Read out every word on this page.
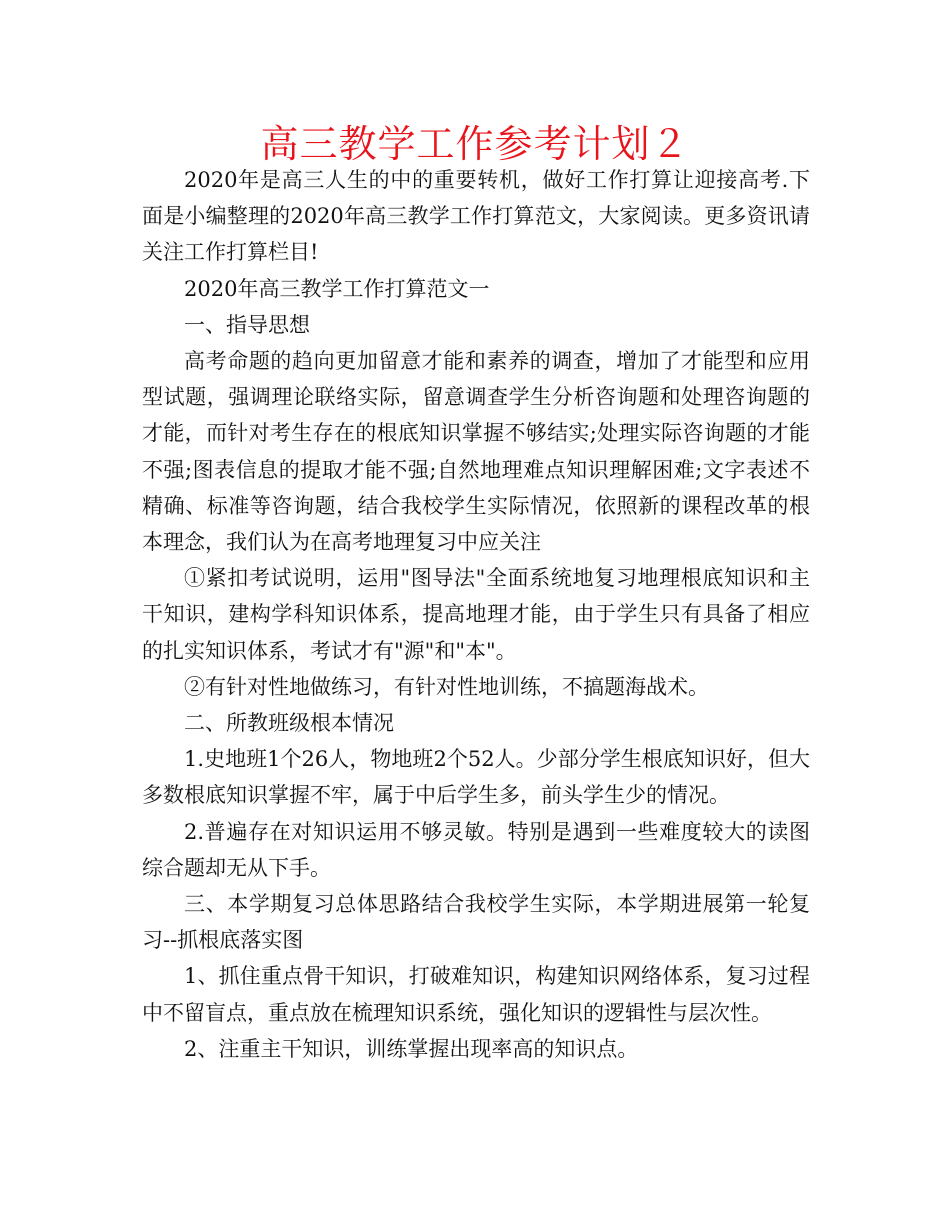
高三教学工作参考计划２

2020年是高三人生的中的重要转机，做好工作打算让迎接高考.下面是小编整理的2020年高三教学工作打算范文，大家阅读。更多资讯请关注工作打算栏目!

2020年高三教学工作打算范文一

一、指导思想

高考命题的趋向更加留意才能和素养的调查，增加了才能型和应用型试题，强调理论联络实际，留意调查学生分析咨询题和处理咨询题的才能，而针对考生存在的根底知识掌握不够结实;处理实际咨询题的才能不强;图表信息的提取才能不强;自然地理难点知识理解困难;文字表述不精确、标准等咨询题，结合我校学生实际情况，依照新的课程改革的根本理念，我们认为在高考地理复习中应关注

①紧扣考试说明，运用"图导法"全面系统地复习地理根底知识和主干知识，建构学科知识体系，提高地理才能，由于学生只有具备了相应的扎实知识体系，考试才有"源"和"本"。

②有针对性地做练习，有针对性地训练，不搞题海战术。

二、所教班级根本情况

1.史地班1个26人，物地班2个52人。少部分学生根底知识好，但大多数根底知识掌握不牢，属于中后学生多，前头学生少的情况。

2.普遍存在对知识运用不够灵敏。特别是遇到一些难度较大的读图综合题却无从下手。

三、本学期复习总体思路结合我校学生实际，本学期进展第一轮复习--抓根底落实图

1、抓住重点骨干知识，打破难知识，构建知识网络体系，复习过程中不留盲点，重点放在梳理知识系统，强化知识的逻辑性与层次性。

2、注重主干知识，训练掌握出现率高的知识点。
